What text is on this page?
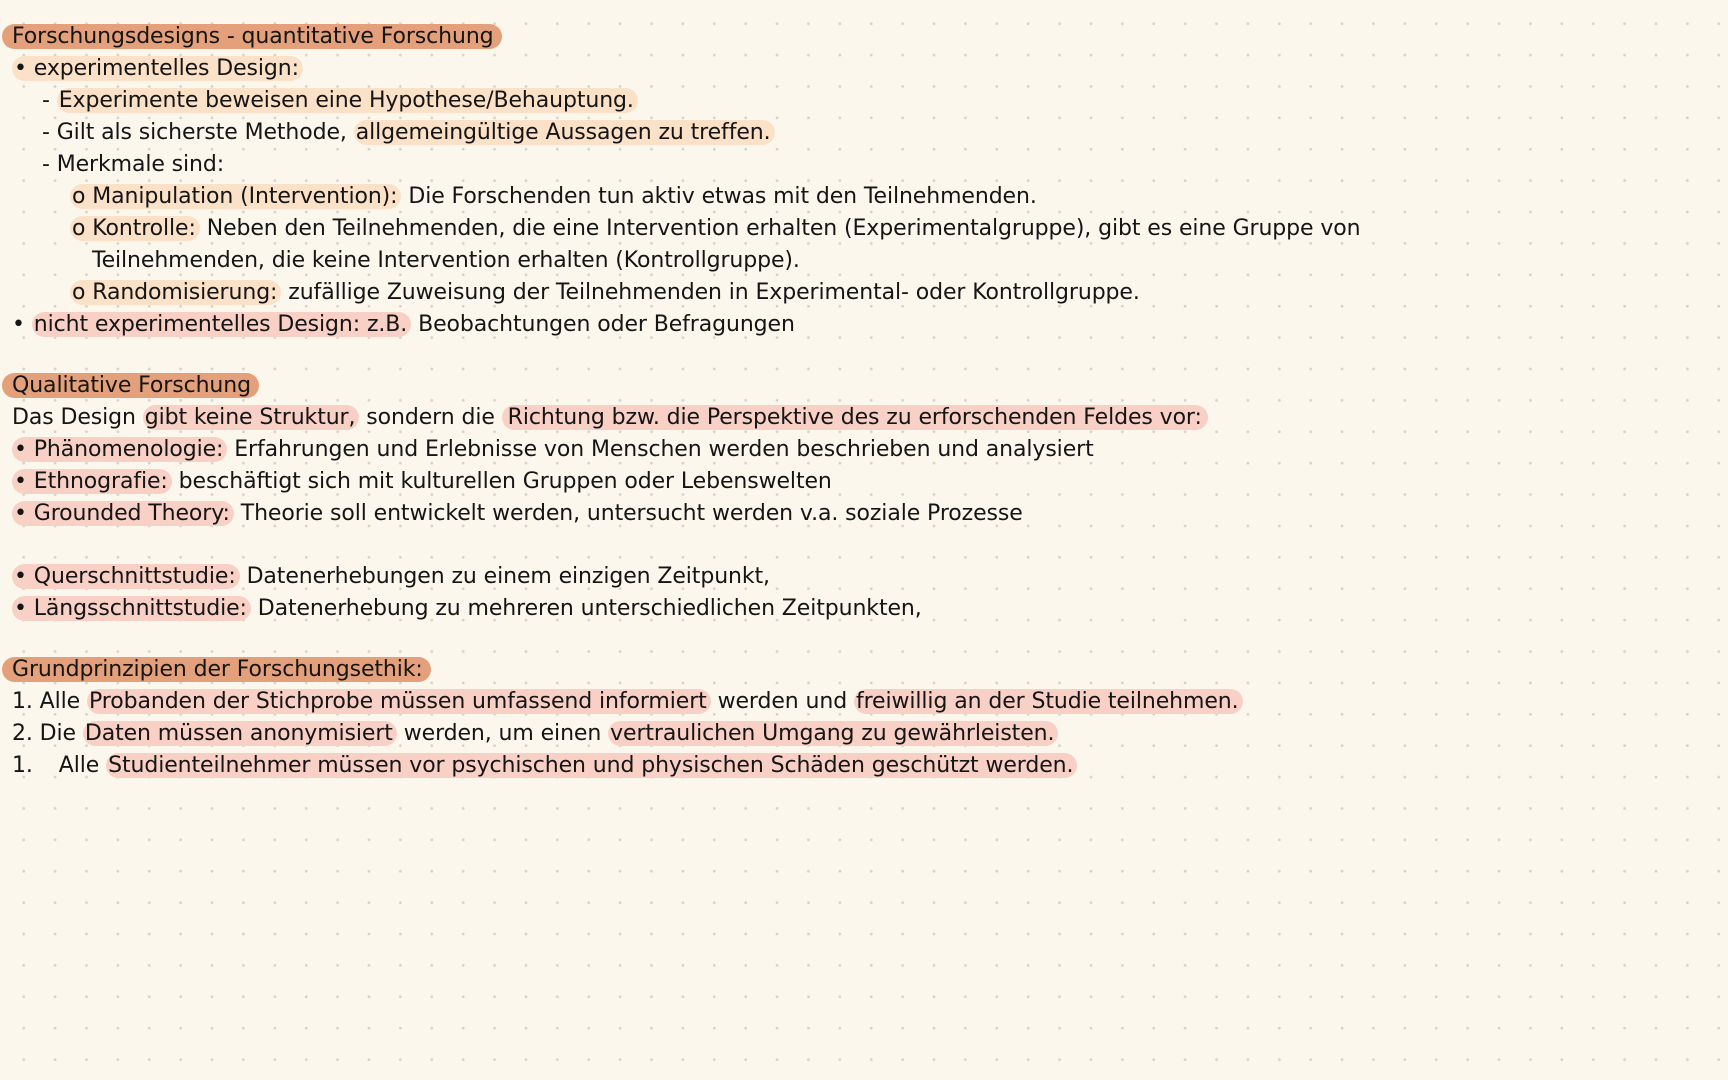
Forschungsdesigns - quantitative Forschung
• experimentelles Design:
- Experimente beweisen eine Hypothese/Behauptung.
- Gilt als sicherste Methode, allgemeingültige Aussagen zu treffen.
- Merkmale sind:
o Manipulation (Intervention): Die Forschenden tun aktiv etwas mit den Teilnehmenden.
o Kontrolle: Neben den Teilnehmenden, die eine Intervention erhalten (Experimentalgruppe), gibt es eine Gruppe von
Teilnehmenden, die keine Intervention erhalten (Kontrollgruppe).
o Randomisierung: zufällige Zuweisung der Teilnehmenden in Experimental- oder Kontrollgruppe.
• nicht experimentelles Design: z.B. Beobachtungen oder Befragungen
Qualitative Forschung
Das Design gibt keine Struktur, sondern die Richtung bzw. die Perspektive des zu erforschenden Feldes vor:
• Phänomenologie: Erfahrungen und Erlebnisse von Menschen werden beschrieben und analysiert
• Ethnografie: beschäftigt sich mit kulturellen Gruppen oder Lebenswelten
• Grounded Theory: Theorie soll entwickelt werden, untersucht werden v.a. soziale Prozesse
• Querschnittstudie: Datenerhebungen zu einem einzigen Zeitpunkt,
• Längsschnittstudie: Datenerhebung zu mehreren unterschiedlichen Zeitpunkten,
Grundprinzipien der Forschungsethik:
1. Alle Probanden der Stichprobe müssen umfassend informiert werden und freiwillig an der Studie teilnehmen.
2. Die Daten müssen anonymisiert werden, um einen vertraulichen Umgang zu gewährleisten.
1. Alle Studienteilnehmer müssen vor psychischen und physischen Schäden geschützt werden.
